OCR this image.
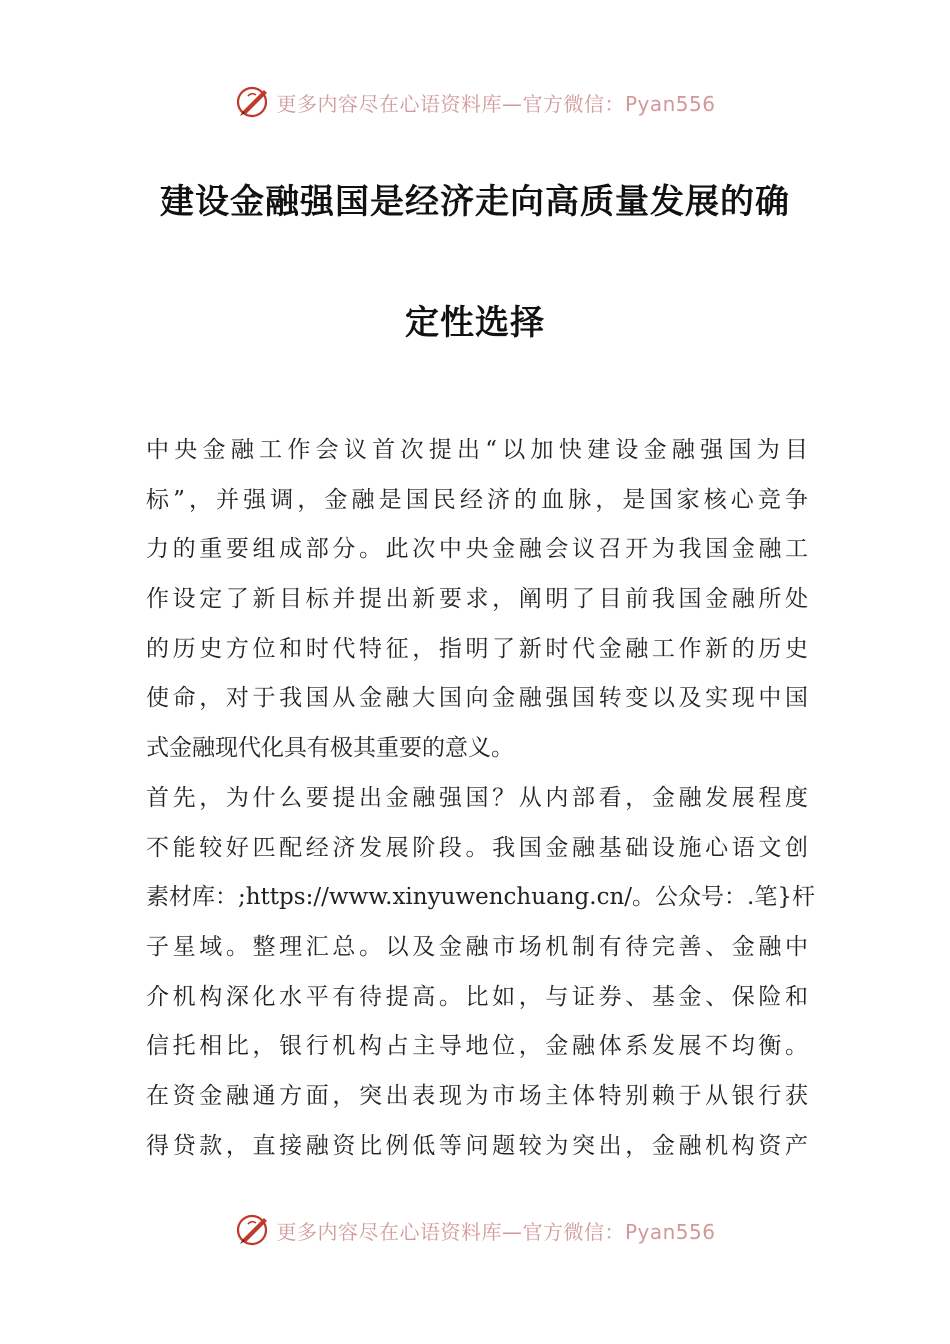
更多内容尽在心语资料库—官方微信：Pyan556
建设金融强国是经济走向高质量发展的确
定性选择
中央金融工作会议首次提出“以加快建设金融强国为目
标”，并强调，金融是国民经济的血脉，是国家核心竞争
力的重要组成部分。此次中央金融会议召开为我国金融工
作设定了新目标并提出新要求，阐明了目前我国金融所处
的历史方位和时代特征，指明了新时代金融工作新的历史
使命，对于我国从金融大国向金融强国转变以及实现中国
式金融现代化具有极其重要的意义。
首先，为什么要提出金融强国？从内部看，金融发展程度
不能较好匹配经济发展阶段。我国金融基础设施心语文创
素材库：;https://www.xinyuwenchuang.cn/。公众号：.笔}杆
子星域。整理汇总。以及金融市场机制有待完善、金融中
介机构深化水平有待提高。比如，与证券、基金、保险和
信托相比，银行机构占主导地位，金融体系发展不均衡。
在资金融通方面，突出表现为市场主体特别赖于从银行获
得贷款，直接融资比例低等问题较为突出，金融机构资产
更多内容尽在心语资料库—官方微信：Pyan556
